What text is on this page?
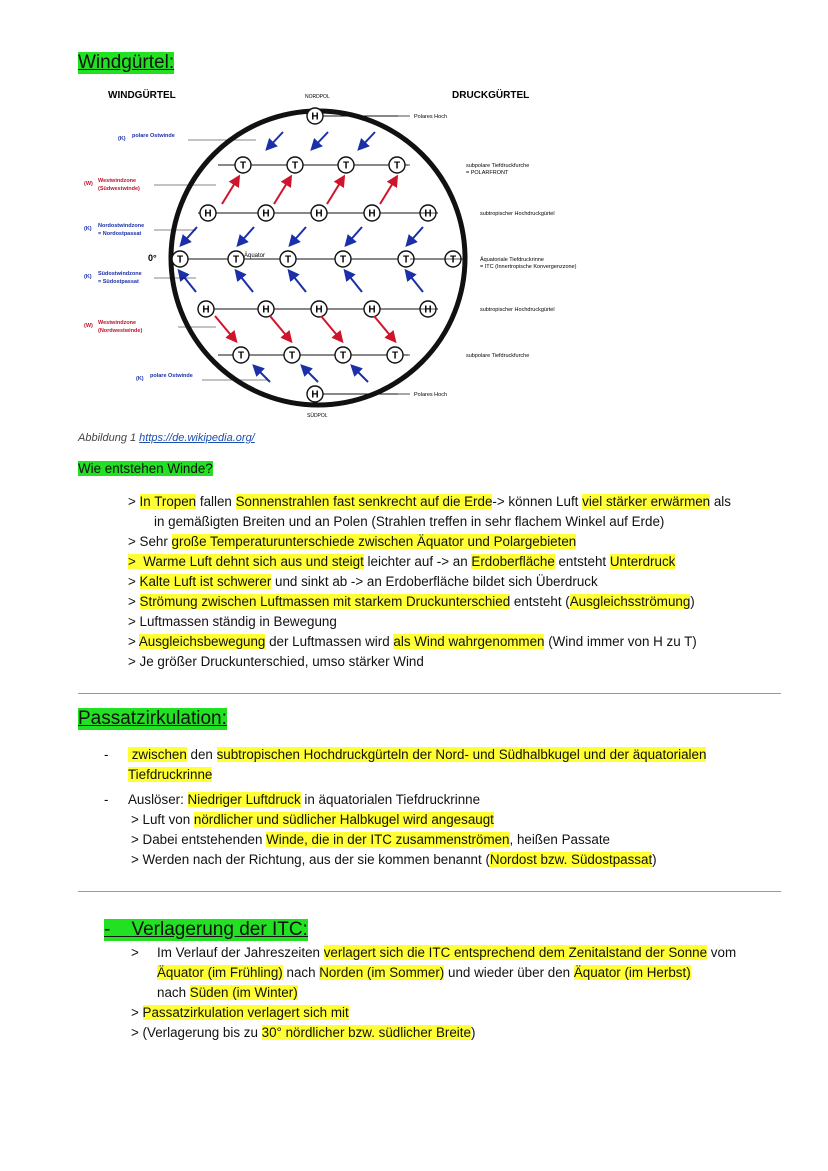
Windgürtel:
WINDGÜRTEL	DRUCKGÜRTEL
NORDPOL
SÜDPOL
H
T	T	T	T
H	H	H	H	H
T	T	T	T	T	T
H	H	H	H	H
T	T	T	T
H
Äquator
0°
(K) polare Ostwinde
(W) Westwindzone
(Südwestwinde)
(K) Nordostwindzone
= Nordostpassat
(K) Südostwindzone
= Südostpassat
(W) Westwindzone
(Nordwestwinde)
(K) polare Ostwinde
Polares Hoch
subpolare Tiefdruckfurche
= POLARFRONT
subtropischer Hochdruckgürtel
Äquatoriale Tiefdruckrinne
= ITC (Innertropische Konvergenzzone)
subtropischer Hochdruckgürtel
subpolare Tiefdruckfurche
Polares Hoch
Abbildung 1 https://de.wikipedia.org/
Wie entstehen Winde?
> In Tropen fallen Sonnenstrahlen fast senkrecht auf die Erde-> können Luft viel stärker erwärmen als
in gemäßigten Breiten und an Polen (Strahlen treffen in sehr flachem Winkel auf Erde)
> Sehr große Temperaturunterschiede zwischen Äquator und Polargebieten
>  Warme Luft dehnt sich aus und steigt leichter auf -> an Erdoberfläche entsteht Unterdruck
> Kalte Luft ist schwerer und sinkt ab -> an Erdoberfläche bildet sich Überdruck
> Strömung zwischen Luftmassen mit starkem Druckunterschied entsteht (Ausgleichsströmung)
> Luftmassen ständig in Bewegung
> Ausgleichsbewegung der Luftmassen wird als Wind wahrgenommen (Wind immer von H zu T)
> Je größer Druckunterschied, umso stärker Wind
Passatzirkulation:
- zwischen den subtropischen Hochdruckgürteln der Nord- und Südhalbkugel und der äquatorialen
Tiefdruckrinne
- Auslöser: Niedriger Luftdruck in äquatorialen Tiefdruckrinne
> Luft von nördlicher und südlicher Halbkugel wird angesaugt
> Dabei entstehenden Winde, die in der ITC zusammenströmen, heißen Passate
> Werden nach der Richtung, aus der sie kommen benannt (Nordost bzw. Südostpassat)
- Verlagerung der ITC:
> Im Verlauf der Jahreszeiten verlagert sich die ITC entsprechend dem Zenitalstand der Sonne vom
Äquator (im Frühling) nach Norden (im Sommer) und wieder über den Äquator (im Herbst)
nach Süden (im Winter)
> Passatzirkulation verlagert sich mit
> (Verlagerung bis zu 30° nördlicher bzw. südlicher Breite)
